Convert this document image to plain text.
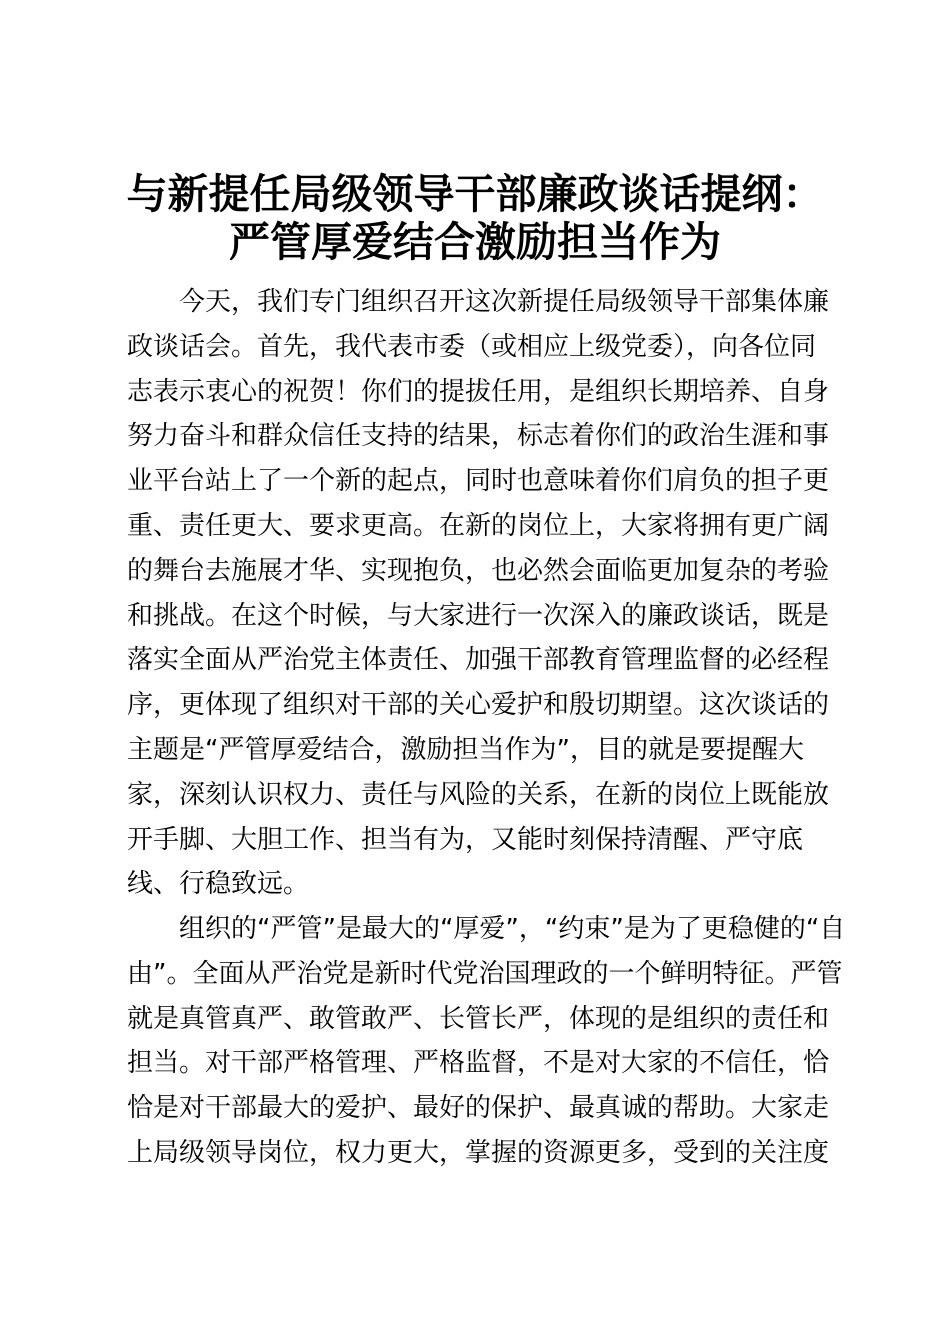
与新提任局级领导干部廉政谈话提纲：
严管厚爱结合激励担当作为
今天，我们专门组织召开这次新提任局级领导干部集体廉
政谈话会。首先，我代表市委（或相应上级党委），向各位同
志表示衷心的祝贺！你们的提拔任用，是组织长期培养、自身
努力奋斗和群众信任支持的结果，标志着你们的政治生涯和事
业平台站上了一个新的起点，同时也意味着你们肩负的担子更
重、责任更大、要求更高。在新的岗位上，大家将拥有更广阔
的舞台去施展才华、实现抱负，也必然会面临更加复杂的考验
和挑战。在这个时候，与大家进行一次深入的廉政谈话，既是
落实全面从严治党主体责任、加强干部教育管理监督的必经程
序，更体现了组织对干部的关心爱护和殷切期望。这次谈话的
主题是“严管厚爱结合，激励担当作为”，目的就是要提醒大
家，深刻认识权力、责任与风险的关系，在新的岗位上既能放
开手脚、大胆工作、担当有为，又能时刻保持清醒、严守底
线、行稳致远。
组织的“严管”是最大的“厚爱”，“约束”是为了更稳健的“自
由”。全面从严治党是新时代党治国理政的一个鲜明特征。严管
就是真管真严、敢管敢严、长管长严，体现的是组织的责任和
担当。对干部严格管理、严格监督，不是对大家的不信任，恰
恰是对干部最大的爱护、最好的保护、最真诚的帮助。大家走
上局级领导岗位，权力更大，掌握的资源更多，受到的关注度
